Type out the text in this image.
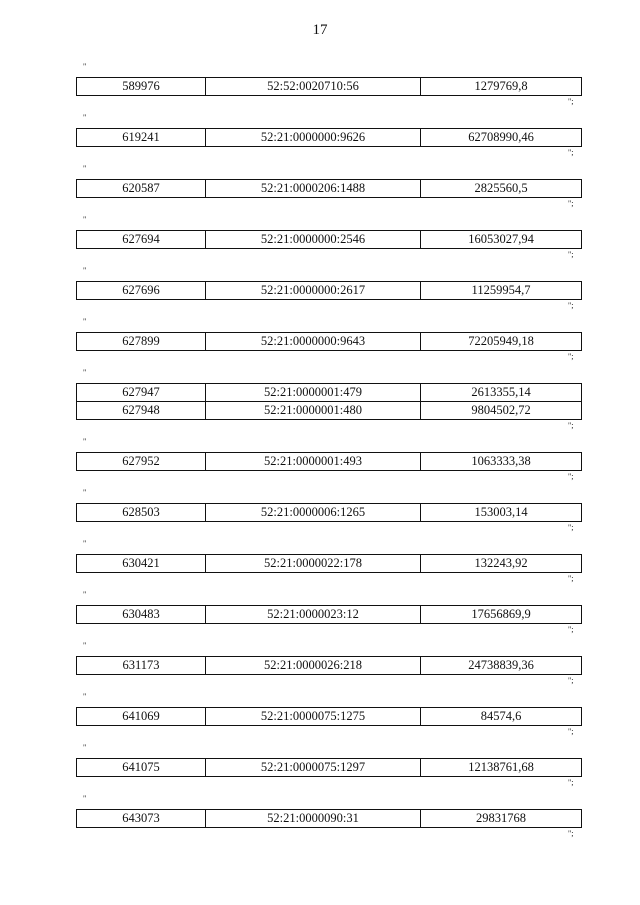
17
"
589976	52:52:0020710:56	1279769,8
";
"
619241	52:21:0000000:9626	62708990,46
";
"
620587	52:21:0000206:1488	2825560,5
";
"
627694	52:21:0000000:2546	16053027,94
";
"
627696	52:21:0000000:2617	11259954,7
";
"
627899	52:21:0000000:9643	72205949,18
";
"
627947	52:21:0000001:479	2613355,14
627948	52:21:0000001:480	9804502,72
";
"
627952	52:21:0000001:493	1063333,38
";
"
628503	52:21:0000006:1265	153003,14
";
"
630421	52:21:0000022:178	132243,92
";
"
630483	52:21:0000023:12	17656869,9
";
"
631173	52:21:0000026:218	24738839,36
";
"
641069	52:21:0000075:1275	84574,6
";
"
641075	52:21:0000075:1297	12138761,68
";
"
643073	52:21:0000090:31	29831768
";
